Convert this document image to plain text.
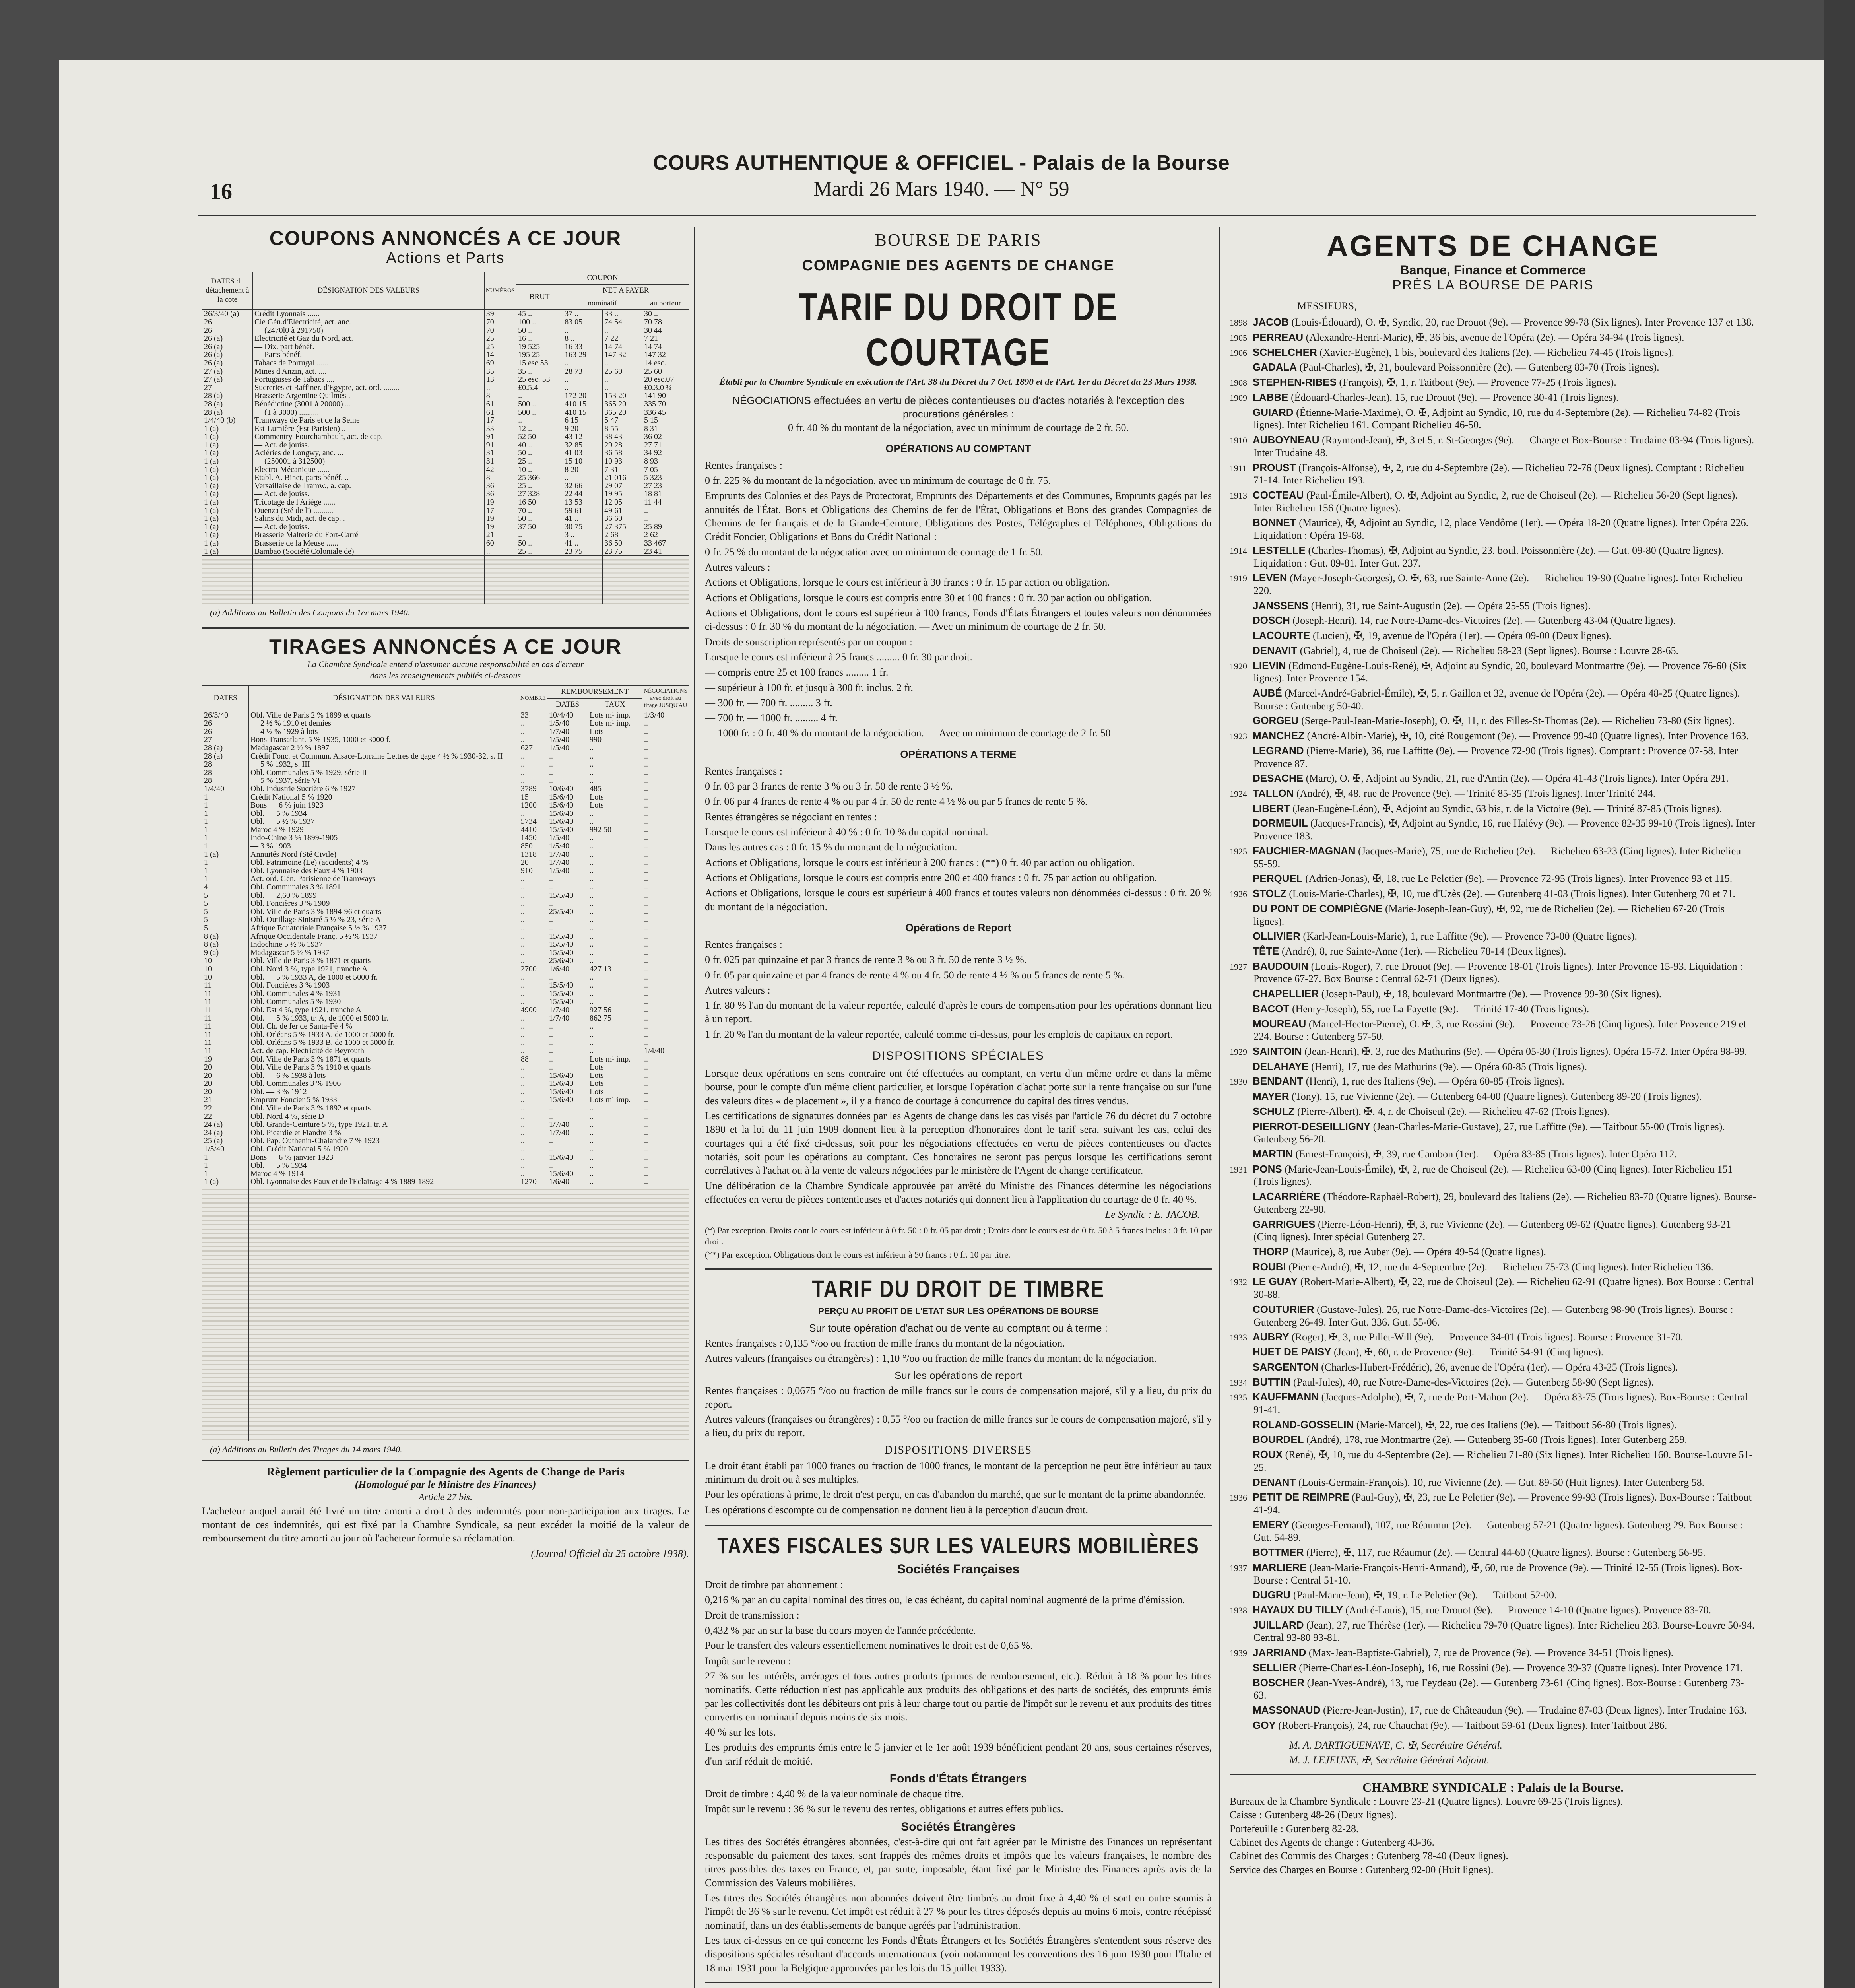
COURS AUTHENTIQUE & OFFICIEL - Palais de la Bourse
Mardi 26 Mars 1940. — N° 59
16
COUPONS ANNONCÉS A CE JOUR
Actions et Parts
DATES du détachement à la cote	DÉSIGNATION DES VALEURS	NUMÉROS	COUPON			
			BRUT	NET A PAYER		
				nominatif		au porteur
26/3/40 (a)	Crédit Lyonnais ......	39	45 ..	37 ..	33 ..	30 ..
26	Cie Gén.d'Electricité, act. anc.	70	100 ..	83 05	74 54	70 78
26	— (2470l0 à 291750)	70	50 ..	..	..	30 44
26 (a)	Electricité et Gaz du Nord, act.	25	16 ..	8 ..	7 22	7 21
26 (a)	— Dix. part bénéf.	25	19 525	16 33	14 74	14 74
26 (a)	— Parts bénéf.	14	195 25	163 29	147 32	147 32
26 (a)	Tabacs de Portugal ......	69	15 esc.53	..	..	14 esc.
27 (a)	Mines d'Anzin, act. ....	35	35 ..	28 73	25 60	25 60
27 (a)	Portugaises de Tabacs ....	13	25 esc. 53	..	..	20 esc.07
27	Sucreries et Raffiner. d'Egypte, act. ord. ........	..	£0.5.4	..	..	£0.3.0 ¾
28 (a)	Brasserie Argentine Quilmès .	8	..	172 20	153 20	141 90
28 (a)	Bénédictine (3001 à 20000) ...	61	500 ..	410 15	365 20	335 70
28 (a)	— (1 à 3000) ..........	61	500 ..	410 15	365 20	336 45
1/4/40 (b)	Tramways de Paris et de la Seine	17	..	6 15	5 47	5 15
1 (a)	Est-Lumière (Est-Parisien) ..	33	12 ..	9 20	8 55	8 31
1 (a)	Commentry-Fourchambault, act. de cap.	91	52 50	43 12	38 43	36 02
1 (a)	— Act. de jouiss.	91	40 ..	32 85	29 28	27 71
1 (a)	Aciéries de Longwy, anc. ...	31	50 ..	41 03	36 58	34 92
1 (a)	— (250001 à 312500)	31	25 ..	15 10	10 93	8 93
1 (a)	Electro-Mécanique ......	42	10 ..	8 20	7 31	7 05
1 (a)	Etabl. A. Binet, parts bénéf. ..	8	25 366	..	21 016	5 323
1 (a)	Versaillaise de Tramw., a. cap.	36	25 ..	32 66	29 07	27 23
1 (a)	— Act. de jouiss.	36	27 328	22 44	19 95	18 81
1 (a)	Tricotage de l'Ariège ......	19	16 50	13 53	12 05	11 44
1 (a)	Ouenza (Sté de l') ..........	17	70 ..	59 61	49 61	..
1 (a)	Salins du Midi, act. de cap. .	19	50 ..	41 ..	36 60	..
1 (a)	— Act. de jouiss.	19	37 50	30 75	27 375	25 89
1 (a)	Brasserie Malterie du Fort-Carré	21	..	3 ..	2 68	2 62
1 (a)	Brasserie de la Meuse ......	60	50 ..	41 ..	36 50	33 467
1 (a)	Bambao (Société Coloniale de)	..	25 ..	23 75	23 75	23 41

(a) Additions au Bulletin des Coupons du 1er mars 1940.
TIRAGES ANNONCÉS A CE JOUR
La Chambre Syndicale entend n'assumer aucune responsabilité en cas d'erreur
dans les renseignements publiés ci-dessous
DATES	DÉSIGNATION DES VALEURS	NOMBRE	REMBOURSEMENT		NÉGOCIATIONS avec droit au tirage JUSQU'AU
			DATES	TAUX	
26/3/40	Obl. Ville de Paris 2 % 1899 et quarts	33	10/4/40	Lots m¹ imp.	1/3/40
26	— 2 ½ % 1910 et demies	..	1/5/40	Lots m¹ imp.	..
26	— 4 ½ % 1929 à lots	..	1/7/40	Lots	..
27	Bons Transatlant. 5 % 1935, 1000 et 3000 f.	..	1/5/40	990	..
28 (a)	Madagascar 2 ½ % 1897	627	1/5/40	..	..
28 (a)	Crédit Fonc. et Commun. Alsace-Lorraine Lettres de gage 4 ½ % 1930-32, s. II	..	..	..	..
28	— 5 % 1932, s. III	..	..	..	..
28	Obl. Communales 5 % 1929, série II	..	..	..	..
28	— 5 % 1937, série VI	..	..	..	..
1/4/40	Obl. Industrie Sucrière 6 % 1927	3789	10/6/40	485	..
1	Crédit National 5 % 1920	15	15/6/40	Lots	..
1	Bons — 6 % juin 1923	1200	15/6/40	Lots	..
1	Obl. — 5 % 1934	..	15/6/40	..	..
1	Obl. — 5 ½ % 1937	5734	15/6/40	..	..
1	Maroc 4 % 1929	4410	15/5/40	992 50	..
1	Indo-Chine 3 % 1899-1905	1450	1/5/40	..	..
1	— 3 % 1903	850	1/5/40	..	..
1 (a)	Annuités Nord (Sté Civile)	1318	1/7/40	..	..
1	Obl. Patrimoine (Le) (accidents) 4 %	20	1/7/40	..	..
1	Obl. Lyonnaise des Eaux 4 % 1903	910	1/5/40	..	..
1	Act. ord. Gén. Parisienne de Tramways	..	..	..	..
4	Obl. Communales 3 % 1891	..	..	..	..
5	Obl. — 2,60 % 1899	..	15/5/40	..	..
5	Obl. Foncières 3 % 1909	..	..	..	..
5	Obl. Ville de Paris 3 % 1894-96 et quarts	..	25/5/40	..	..
5	Obl. Outillage Sinistré 5 ½ % 23, série A	..	..	..	..
5	Afrique Equatoriale Française 5 ½ % 1937	..	..	..	..
8 (a)	Afrique Occidentale Franç. 5 ½ % 1937	..	15/5/40	..	..
8 (a)	Indochine 5 ½ % 1937	..	15/5/40	..	..
9 (a)	Madagascar 5 ½ % 1937	..	15/5/40	..	..
10	Obl. Ville de Paris 3 % 1871 et quarts	..	25/6/40	..	..
10	Obl. Nord 3 %, type 1921, tranche A	2700	1/6/40	427 13	..
10	Obl. — 5 % 1933 A, de 1000 et 5000 fr.	..	..	..	..
11	Obl. Foncières 3 % 1903	..	15/5/40	..	..
11	Obl. Communales 4 % 1931	..	15/5/40	..	..
11	Obl. Communales 5 % 1930	..	15/5/40	..	..
11	Obl. Est 4 %, type 1921, tranche A	4900	1/7/40	927 56	..
11	Obl. — 5 % 1933, tr. A, de 1000 et 5000 fr.	..	1/7/40	862 75	..
11	Obl. Ch. de fer de Santa-Fé 4 %	..	..	..	..
11	Obl. Orléans 5 % 1933 A, de 1000 et 5000 fr.	..	..	..	..
11	Obl. Orléans 5 % 1933 B, de 1000 et 5000 fr.	..	..	..	..
11	Act. de cap. Electricité de Beyrouth	..	..	..	1/4/40
19	Obl. Ville de Paris 3 % 1871 et quarts	88	..	Lots m¹ imp.	..
20	Obl. Ville de Paris 3 % 1910 et quarts	..	..	Lots	..
20	Obl. — 6 % 1938 à lots	..	15/6/40	Lots	..
20	Obl. Communales 3 % 1906	..	15/6/40	Lots	..
20	Obl. — 3 % 1912	..	15/6/40	Lots	..
21	Emprunt Foncier 5 % 1933	..	15/6/40	Lots m¹ imp.	..
22	Obl. Ville de Paris 3 % 1892 et quarts	..	..	..	..
22	Obl. Nord 4 %, série D	..	..	..	..
24 (a)	Obl. Grande-Ceinture 5 %, type 1921, tr. A	..	1/7/40	..	..
24 (a)	Obl. Picardie et Flandre 3 %	..	1/7/40	..	..
25 (a)	Obl. Pap. Outhenin-Chalandre 7 % 1923	..	..	..	..
1/5/40	Obl. Crédit National 5 % 1920	..	..	..	..
1	Bons — 6 % janvier 1923	..	15/6/40	..	..
1	Obl. — 5 % 1934	..	..	..	..
1	Maroc 4 % 1914	..	15/6/40	..	..
1 (a)	Obl. Lyonnaise des Eaux et de l'Eclairage 4 % 1889-1892	1270	1/6/40	..	..

(a) Additions au Bulletin des Tirages du 14 mars 1940.
Règlement particulier de la Compagnie des Agents de Change de Paris
(Homologué par le Ministre des Finances)
Article 27 bis.
L'acheteur auquel aurait été livré un titre amorti a droit à des indemnités pour non-participation aux tirages. Le montant de ces indemnités, qui est fixé par la Chambre Syndicale, sa peut excéder la moitié de la valeur de remboursement du titre amorti au jour où l'acheteur formule sa réclamation.
(Journal Officiel du 25 octobre 1938).
BOURSE DE PARIS
COMPAGNIE DES AGENTS DE CHANGE
TARIF DU DROIT DE COURTAGE
Établi par la Chambre Syndicale en exécution de l'Art. 38 du Décret du 7 Oct. 1890 et de l'Art. 1er du Décret du 23 Mars 1938.
NÉGOCIATIONS effectuées en vertu de pièces contentieuses ou d'actes notariés à l'exception des procurations générales :
0 fr. 40 % du montant de la négociation, avec un minimum de courtage de 2 fr. 50.
OPÉRATIONS AU COMPTANT
Rentes françaises :
0 fr. 225 % du montant de la négociation, avec un minimum de courtage de 0 fr. 75.
Emprunts des Colonies et des Pays de Protectorat, Emprunts des Départements et des Communes, Emprunts gagés par les annuités de l'État, Bons et Obligations des Chemins de fer de l'État, Obligations et Bons des grandes Compagnies de Chemins de fer français et de la Grande-Ceinture, Obligations des Postes, Télégraphes et Téléphones, Obligations du Crédit Foncier, Obligations et Bons du Crédit National :
0 fr. 25 % du montant de la négociation avec un minimum de courtage de 1 fr. 50.
Autres valeurs :
Actions et Obligations, lorsque le cours est inférieur à 30 francs : 0 fr. 15 par action ou obligation.
Actions et Obligations, lorsque le cours est compris entre 30 et 100 francs : 0 fr. 30 par action ou obligation.
Actions et Obligations, dont le cours est supérieur à 100 francs, Fonds d'États Étrangers et toutes valeurs non dénommées ci-dessus : 0 fr. 30 % du montant de la négociation. — Avec un minimum de courtage de 2 fr. 50.
Droits de souscription représentés par un coupon :
Lorsque le cours est inférieur à 25 francs ......... 0 fr. 30 par droit.
— compris entre 25 et 100 francs ......... 1 fr.
— supérieur à 100 fr. et jusqu'à 300 fr. inclus. 2 fr.
— 300 fr. — 700 fr. ......... 3 fr.
— 700 fr. — 1000 fr. ......... 4 fr.
— 1000 fr. : 0 fr. 40 % du montant de la négociation. — Avec un minimum de courtage de 2 fr. 50
OPÉRATIONS A TERME
Rentes françaises :
0 fr. 03 par 3 francs de rente 3 % ou 3 fr. 50 de rente 3 ½ %.
0 fr. 06 par 4 francs de rente 4 % ou par 4 fr. 50 de rente 4 ½ % ou par 5 francs de rente 5 %.
Rentes étrangères se négociant en rentes :
Lorsque le cours est inférieur à 40 % : 0 fr. 10 % du capital nominal.
Dans les autres cas : 0 fr. 15 % du montant de la négociation.
Actions et Obligations, lorsque le cours est inférieur à 200 francs : (**) 0 fr. 40 par action ou obligation.
Actions et Obligations, lorsque le cours est compris entre 200 et 400 francs : 0 fr. 75 par action ou obligation.
Actions et Obligations, lorsque le cours est supérieur à 400 francs et toutes valeurs non dénommées ci-dessus : 0 fr. 20 % du montant de la négociation.
Opérations de Report
Rentes françaises :
0 fr. 025 par quinzaine et par 3 francs de rente 3 % ou 3 fr. 50 de rente 3 ½ %.
0 fr. 05 par quinzaine et par 4 francs de rente 4 % ou 4 fr. 50 de rente 4 ½ % ou 5 francs de rente 5 %.
Autres valeurs :
1 fr. 80 % l'an du montant de la valeur reportée, calculé d'après le cours de compensation pour les opérations donnant lieu à un report.
1 fr. 20 % l'an du montant de la valeur reportée, calculé comme ci-dessus, pour les emplois de capitaux en report.
DISPOSITIONS SPÉCIALES
Lorsque deux opérations en sens contraire ont été effectuées au comptant, en vertu d'un même ordre et dans la même bourse, pour le compte d'un même client particulier, et lorsque l'opération d'achat porte sur la rente française ou sur l'une des valeurs dites « de placement », il y a franco de courtage à concurrence du capital des titres vendus.
Les certifications de signatures données par les Agents de change dans les cas visés par l'article 76 du décret du 7 octobre 1890 et la loi du 11 juin 1909 donnent lieu à la perception d'honoraires dont le tarif sera, suivant les cas, celui des courtages qui a été fixé ci-dessus, soit pour les négociations effectuées en vertu de pièces contentieuses ou d'actes notariés, soit pour les opérations au comptant. Ces honoraires ne seront pas perçus lorsque les certifications seront corrélatives à l'achat ou à la vente de valeurs négociées par le ministère de l'Agent de change certificateur.
Une délibération de la Chambre Syndicale approuvée par arrêté du Ministre des Finances détermine les négociations effectuées en vertu de pièces contentieuses et d'actes notariés qui donnent lieu à l'application du courtage de 0 fr. 40 %.
Le Syndic : E. JACOB.
(*) Par exception. Droits dont le cours est inférieur à 0 fr. 50 : 0 fr. 05 par droit ; Droits dont le cours est de 0 fr. 50 à 5 francs inclus : 0 fr. 10 par droit.
(**) Par exception. Obligations dont le cours est inférieur à 50 francs : 0 fr. 10 par titre.
TARIF DU DROIT DE TIMBRE
PERÇU AU PROFIT DE L'ETAT SUR LES OPÉRATIONS DE BOURSE
Sur toute opération d'achat ou de vente au comptant ou à terme :
Rentes françaises : 0,135 °/oo ou fraction de mille francs du montant de la négociation.
Autres valeurs (françaises ou étrangères) : 1,10 °/oo ou fraction de mille francs du montant de la négociation.
Sur les opérations de report
Rentes françaises : 0,0675 °/oo ou fraction de mille francs sur le cours de compensation majoré, s'il y a lieu, du prix du report.
Autres valeurs (françaises ou étrangères) : 0,55 °/oo ou fraction de mille francs sur le cours de compensation majoré, s'il y a lieu, du prix du report.
DISPOSITIONS DIVERSES
Le droit étant établi par 1000 francs ou fraction de 1000 francs, le montant de la perception ne peut être inférieur au taux minimum du droit ou à ses multiples.
Pour les opérations à prime, le droit n'est perçu, en cas d'abandon du marché, que sur le montant de la prime abandonnée.
Les opérations d'escompte ou de compensation ne donnent lieu à la perception d'aucun droit.
TAXES FISCALES SUR LES VALEURS MOBILIÈRES
Sociétés Françaises
Droit de timbre par abonnement :
0,216 % par an du capital nominal des titres ou, le cas échéant, du capital nominal augmenté de la prime d'émission.
Droit de transmission :
0,432 % par an sur la base du cours moyen de l'année précédente.
Pour le transfert des valeurs essentiellement nominatives le droit est de 0,65 %.
Impôt sur le revenu :
27 % sur les intérêts, arrérages et tous autres produits (primes de remboursement, etc.). Réduit à 18 % pour les titres nominatifs. Cette réduction n'est pas applicable aux produits des obligations et des parts de sociétés, des emprunts émis par les collectivités dont les débiteurs ont pris à leur charge tout ou partie de l'impôt sur le revenu et aux produits des titres convertis en nominatif depuis moins de six mois.
40 % sur les lots.
Les produits des emprunts émis entre le 5 janvier et le 1er août 1939 bénéficient pendant 20 ans, sous certaines réserves, d'un tarif réduit de moitié.
Fonds d'États Étrangers
Droit de timbre : 4,40 % de la valeur nominale de chaque titre.
Impôt sur le revenu : 36 % sur le revenu des rentes, obligations et autres effets publics.
Sociétés Étrangères
Les titres des Sociétés étrangères abonnées, c'est-à-dire qui ont fait agréer par le Ministre des Finances un représentant responsable du paiement des taxes, sont frappés des mêmes droits et impôts que les valeurs françaises, le nombre des titres passibles des taxes en France, et, par suite, imposable, étant fixé par le Ministre des Finances après avis de la Commission des Valeurs mobilières.
Les titres des Sociétés étrangères non abonnées doivent être timbrés au droit fixe à 4,40 % et sont en outre soumis à l'impôt de 36 % sur le revenu. Cet impôt est réduit à 27 % pour les titres déposés depuis au moins 6 mois, contre récépissé nominatif, dans un des établissements de banque agréés par l'administration.
Les taux ci-dessus en ce qui concerne les Fonds d'États Étrangers et les Sociétés Étrangères s'entendent sous réserve des dispositions spéciales résultant d'accords internationaux (voir notamment les conventions des 16 juin 1930 pour l'Italie et 18 mai 1931 pour la Belgique approuvées par les lois du 15 juillet 1933).
AGENTS DE CHANGE
Banque, Finance et Commerce
PRÈS LA BOURSE DE PARIS
MESSIEURS,
1898 JACOB (Louis-Édouard), O. ✠, Syndic, 20, rue Drouot (9e). — Provence 99-78 (Six lignes). Inter Provence 137 et 138.
1905 PERREAU (Alexandre-Henri-Marie), ✠, 36 bis, avenue de l'Opéra (2e). — Opéra 34-94 (Trois lignes).
1906 SCHELCHER (Xavier-Eugène), 1 bis, boulevard des Italiens (2e). — Richelieu 74-45 (Trois lignes).
GADALA (Paul-Charles), ✠, 21, boulevard Poissonnière (2e). — Gutenberg 83-70 (Trois lignes).
1908 STEPHEN-RIBES (François), ✠, 1, r. Taitbout (9e). — Provence 77-25 (Trois lignes).
1909 LABBE (Édouard-Charles-Jean), 15, rue Drouot (9e). — Provence 30-41 (Trois lignes).
GUIARD (Étienne-Marie-Maxime), O. ✠, Adjoint au Syndic, 10, rue du 4-Septembre (2e). — Richelieu 74-82 (Trois lignes). Inter Richelieu 161. Compant Richelieu 46-50.
1910 AUBOYNEAU (Raymond-Jean), ✠, 3 et 5, r. St-Georges (9e). — Charge et Box-Bourse : Trudaine 03-94 (Trois lignes). Inter Trudaine 48.
1911 PROUST (François-Alfonse), ✠, 2, rue du 4-Septembre (2e). — Richelieu 72-76 (Deux lignes). Comptant : Richelieu 71-14. Inter Richelieu 193.
1913 COCTEAU (Paul-Émile-Albert), O. ✠, Adjoint au Syndic, 2, rue de Choiseul (2e). — Richelieu 56-20 (Sept lignes). Inter Richelieu 156 (Quatre lignes).
BONNET (Maurice), ✠, Adjoint au Syndic, 12, place Vendôme (1er). — Opéra 18-20 (Quatre lignes). Inter Opéra 226. Liquidation : Opéra 19-68.
1914 LESTELLE (Charles-Thomas), ✠, Adjoint au Syndic, 23, boul. Poissonnière (2e). — Gut. 09-80 (Quatre lignes). Liquidation : Gut. 09-81. Inter Gut. 237.
1919 LEVEN (Mayer-Joseph-Georges), O. ✠, 63, rue Sainte-Anne (2e). — Richelieu 19-90 (Quatre lignes). Inter Richelieu 220.
JANSSENS (Henri), 31, rue Saint-Augustin (2e). — Opéra 25-55 (Trois lignes).
DOSCH (Joseph-Henri), 14, rue Notre-Dame-des-Victoires (2e). — Gutenberg 43-04 (Quatre lignes).
LACOURTE (Lucien), ✠, 19, avenue de l'Opéra (1er). — Opéra 09-00 (Deux lignes).
DENAVIT (Gabriel), 4, rue de Choiseul (2e). — Richelieu 58-23 (Sept lignes). Bourse : Louvre 28-65.
1920 LIEVIN (Edmond-Eugène-Louis-René), ✠, Adjoint au Syndic, 20, boulevard Montmartre (9e). — Provence 76-60 (Six lignes). Inter Provence 154.
AUBÉ (Marcel-André-Gabriel-Émile), ✠, 5, r. Gaillon et 32, avenue de l'Opéra (2e). — Opéra 48-25 (Quatre lignes). Bourse : Gutenberg 50-40.
GORGEU (Serge-Paul-Jean-Marie-Joseph), O. ✠, 11, r. des Filles-St-Thomas (2e). — Richelieu 73-80 (Six lignes).
1923 MANCHEZ (André-Albin-Marie), ✠, 10, cité Rougemont (9e). — Provence 99-40 (Quatre lignes). Inter Provence 163.
LEGRAND (Pierre-Marie), 36, rue Laffitte (9e). — Provence 72-90 (Trois lignes). Comptant : Provence 07-58. Inter Provence 87.
DESACHE (Marc), O. ✠, Adjoint au Syndic, 21, rue d'Antin (2e). — Opéra 41-43 (Trois lignes). Inter Opéra 291.
1924 TALLON (André), ✠, 48, rue de Provence (9e). — Trinité 85-35 (Trois lignes). Inter Trinité 244.
LIBERT (Jean-Eugène-Léon), ✠, Adjoint au Syndic, 63 bis, r. de la Victoire (9e). — Trinité 87-85 (Trois lignes).
DORMEUIL (Jacques-Francis), ✠, Adjoint au Syndic, 16, rue Halévy (9e). — Provence 82-35 99-10 (Trois lignes). Inter Provence 183.
1925 FAUCHIER-MAGNAN (Jacques-Marie), 75, rue de Richelieu (2e). — Richelieu 63-23 (Cinq lignes). Inter Richelieu 55-59.
PERQUEL (Adrien-Jonas), ✠, 18, rue Le Peletier (9e). — Provence 72-95 (Trois lignes). Inter Provence 93 et 115.
1926 STOLZ (Louis-Marie-Charles), ✠, 10, rue d'Uzès (2e). — Gutenberg 41-03 (Trois lignes). Inter Gutenberg 70 et 71.
DU PONT DE COMPIÈGNE (Marie-Joseph-Jean-Guy), ✠, 92, rue de Richelieu (2e). — Richelieu 67-20 (Trois lignes).
OLLIVIER (Karl-Jean-Louis-Marie), 1, rue Laffitte (9e). — Provence 73-00 (Quatre lignes).
TÊTE (André), 8, rue Sainte-Anne (1er). — Richelieu 78-14 (Deux lignes).
1927 BAUDOUIN (Louis-Roger), 7, rue Drouot (9e). — Provence 18-01 (Trois lignes). Inter Provence 15-93. Liquidation : Provence 67-27. Box Bourse : Central 62-71 (Deux lignes).
CHAPELLIER (Joseph-Paul), ✠, 18, boulevard Montmartre (9e). — Provence 99-30 (Six lignes).
BACOT (Henry-Joseph), 55, rue La Fayette (9e). — Trinité 17-40 (Trois lignes).
MOUREAU (Marcel-Hector-Pierre), O. ✠, 3, rue Rossini (9e). — Provence 73-26 (Cinq lignes). Inter Provence 219 et 224. Bourse : Gutenberg 57-50.
1929 SAINTOIN (Jean-Henri), ✠, 3, rue des Mathurins (9e). — Opéra 05-30 (Trois lignes). Opéra 15-72. Inter Opéra 98-99.
DELAHAYE (Henri), 17, rue des Mathurins (9e). — Opéra 60-85 (Trois lignes).
1930 BENDANT (Henri), 1, rue des Italiens (9e). — Opéra 60-85 (Trois lignes).
MAYER (Tony), 15, rue Vivienne (2e). — Gutenberg 64-00 (Quatre lignes). Gutenberg 89-20 (Trois lignes).
SCHULZ (Pierre-Albert), ✠, 4, r. de Choiseul (2e). — Richelieu 47-62 (Trois lignes).
PIERROT-DESEILLIGNY (Jean-Charles-Marie-Gustave), 27, rue Laffitte (9e). — Taitbout 55-00 (Trois lignes). Gutenberg 56-20.
MARTIN (Ernest-François), ✠, 39, rue Cambon (1er). — Opéra 83-85 (Trois lignes). Inter Opéra 112.
1931 PONS (Marie-Jean-Louis-Émile), ✠, 2, rue de Choiseul (2e). — Richelieu 63-00 (Cinq lignes). Inter Richelieu 151 (Trois lignes).
LACARRIÈRE (Théodore-Raphaël-Robert), 29, boulevard des Italiens (2e). — Richelieu 83-70 (Quatre lignes). Bourse-Gutenberg 22-90.
GARRIGUES (Pierre-Léon-Henri), ✠, 3, rue Vivienne (2e). — Gutenberg 09-62 (Quatre lignes). Gutenberg 93-21 (Cinq lignes). Inter spécial Gutenberg 27.
THORP (Maurice), 8, rue Auber (9e). — Opéra 49-54 (Quatre lignes).
ROUBI (Pierre-André), ✠, 12, rue du 4-Septembre (2e). — Richelieu 75-73 (Cinq lignes). Inter Richelieu 136.
1932 LE GUAY (Robert-Marie-Albert), ✠, 22, rue de Choiseul (2e). — Richelieu 62-91 (Quatre lignes). Box Bourse : Central 30-88.
COUTURIER (Gustave-Jules), 26, rue Notre-Dame-des-Victoires (2e). — Gutenberg 98-90 (Trois lignes). Bourse : Gutenberg 26-49. Inter Gut. 336. Gut. 55-06.
1933 AUBRY (Roger), ✠, 3, rue Pillet-Will (9e). — Provence 34-01 (Trois lignes). Bourse : Provence 31-70.
HUET DE PAISY (Jean), ✠, 60, r. de Provence (9e). — Trinité 54-91 (Cinq lignes).
SARGENTON (Charles-Hubert-Frédéric), 26, avenue de l'Opéra (1er). — Opéra 43-25 (Trois lignes).
1934 BUTTIN (Paul-Jules), 40, rue Notre-Dame-des-Victoires (2e). — Gutenberg 58-90 (Sept lignes).
1935 KAUFFMANN (Jacques-Adolphe), ✠, 7, rue de Port-Mahon (2e). — Opéra 83-75 (Trois lignes). Box-Bourse : Central 91-41.
ROLAND-GOSSELIN (Marie-Marcel), ✠, 22, rue des Italiens (9e). — Taitbout 56-80 (Trois lignes).
BOURDEL (André), 178, rue Montmartre (2e). — Gutenberg 35-60 (Trois lignes). Inter Gutenberg 259.
ROUX (René), ✠, 10, rue du 4-Septembre (2e). — Richelieu 71-80 (Six lignes). Inter Richelieu 160. Bourse-Louvre 51-25.
DENANT (Louis-Germain-François), 10, rue Vivienne (2e). — Gut. 89-50 (Huit lignes). Inter Gutenberg 58.
1936 PETIT DE REIMPRE (Paul-Guy), ✠, 23, rue Le Peletier (9e). — Provence 99-93 (Trois lignes). Box-Bourse : Taitbout 41-94.
EMERY (Georges-Fernand), 107, rue Réaumur (2e). — Gutenberg 57-21 (Quatre lignes). Gutenberg 29. Box Bourse : Gut. 54-89.
BOTTMER (Pierre), ✠, 117, rue Réaumur (2e). — Central 44-60 (Quatre lignes). Bourse : Gutenberg 56-95.
1937 MARLIERE (Jean-Marie-François-Henri-Armand), ✠, 60, rue de Provence (9e). — Trinité 12-55 (Trois lignes). Box-Bourse : Central 51-10.
DUGRU (Paul-Marie-Jean), ✠, 19, r. Le Peletier (9e). — Taitbout 52-00.
1938 HAYAUX DU TILLY (André-Louis), 15, rue Drouot (9e). — Provence 14-10 (Quatre lignes). Provence 83-70.
JUILLARD (Jean), 27, rue Thérèse (1er). — Richelieu 79-70 (Quatre lignes). Inter Richelieu 283. Bourse-Louvre 50-94. Central 93-80 93-81.
1939 JARRIAND (Max-Jean-Baptiste-Gabriel), 7, rue de Provence (9e). — Provence 34-51 (Trois lignes).
SELLIER (Pierre-Charles-Léon-Joseph), 16, rue Rossini (9e). — Provence 39-37 (Quatre lignes). Inter Provence 171.
BOSCHER (Jean-Yves-André), 13, rue Feydeau (2e). — Gutenberg 73-61 (Cinq lignes). Box-Bourse : Gutenberg 73-63.
MASSONAUD (Pierre-Jean-Justin), 17, rue de Châteaudun (9e). — Trudaine 87-03 (Deux lignes). Inter Trudaine 163.
GOY (Robert-François), 24, rue Chauchat (9e). — Taitbout 59-61 (Deux lignes). Inter Taitbout 286.
M. A. DARTIGUENAVE, C. ✠, Secrétaire Général.
M. J. LEJEUNE, ✠, Secrétaire Général Adjoint.
CHAMBRE SYNDICALE : Palais de la Bourse.
Bureaux de la Chambre Syndicale : Louvre 23-21 (Quatre lignes). Louvre 69-25 (Trois lignes).
Caisse : Gutenberg 48-26 (Deux lignes).
Portefeuille : Gutenberg 82-28.
Cabinet des Agents de change : Gutenberg 43-36.
Cabinet des Commis des Charges : Gutenberg 78-40 (Deux lignes).
Service des Charges en Bourse : Gutenberg 92-00 (Huit lignes).
